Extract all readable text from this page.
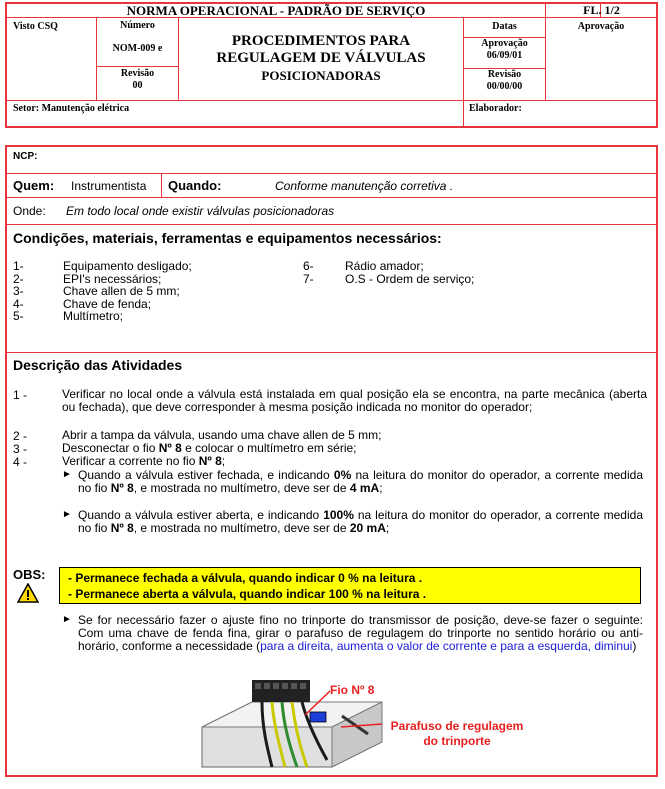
NORMA OPERACIONAL - PADRÃO DE SERVIÇO	FL. 1/2
Visto CSQ	Número
NOM-009 e
Revisão
00
PROCEDIMENTOS PARA
REGULAGEM DE VÁLVULAS
POSICIONADORAS
Datas
Aprovação
06/09/01
Revisão
00/00/00
Aprovação
Setor: Manutenção elétrica	Elaborador:
NCP:
Quem: Instrumentista Quando:	Conforme manutenção corretiva .
Onde: Em todo local onde existir válvulas posicionadoras
Condições, materiais, ferramentas e equipamentos necessários:
1-	Equipamento desligado;
2-	EPI's necessários;
3-	Chave allen de 5 mm;
4-	Chave de fenda;
5-	Multímetro;
6-	Rádio amador;
7-	O.S - Ordem de serviço;
Descrição das Atividades
1 -	Verificar no local onde a válvula está instalada em qual posição ela se encontra, na parte mecânica (aberta ou fechada), que deve corresponder à mesma posição indicada no monitor do operador;
2 -	Abrir a tampa da válvula, usando uma chave allen de 5 mm;
3 -	Desconectar o fio Nº 8 e colocar o multímetro em série;
4 -	Verificar a corrente no fio Nº 8;
► Quando a válvula estiver fechada, e indicando 0% na leitura do monitor do operador, a corrente medida no fio Nº 8, e mostrada no multímetro, deve ser de 4 mA;
► Quando a válvula estiver aberta, e indicando 100% na leitura do monitor do operador, a corrente medida no fio Nº 8, e mostrada no multímetro, deve ser de 20 mA;
OBS: - Permanece fechada a válvula, quando indicar 0 % na leitura .
- Permanece aberta a válvula, quando indicar 100 % na leitura .
► Se for necessário fazer o ajuste fino no trinporte do transmissor de posição, deve-se fazer o seguinte: Com uma chave de fenda fina, girar o parafuso de regulagem do trinporte no sentido horário ou anti-horário, conforme a necessidade (para a direita, aumenta o valor de corrente e para a esquerda, diminui)
Fio Nº 8
Parafuso de regulagem
do trinporte
